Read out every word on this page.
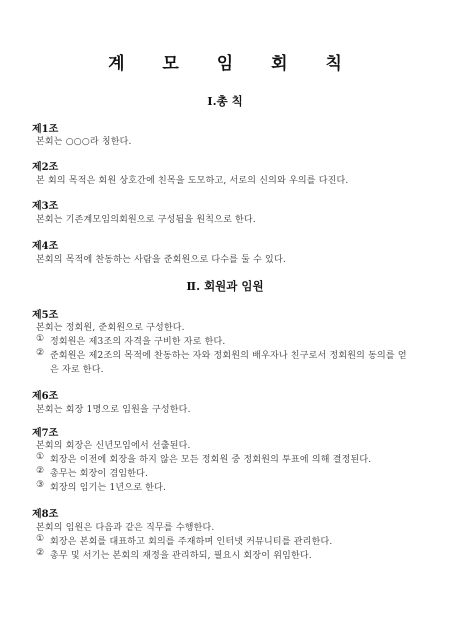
계 모 임 회 칙
Ⅰ.총 칙
제1조
본회는 ○○○라 칭한다.
제2조
본 회의 목적은 회원 상호간에 친목을 도모하고, 서로의 신의와 우의를 다진다.
제3조
본회는 기존계모임의회원으로 구성됨을 원칙으로 한다.
제4조
본회의 목적에 찬동하는 사람을 준회원으로 다수를 둘 수 있다.
Ⅱ. 회원과 임원
제5조
본회는 정회원, 준회원으로 구성한다.
① 정회원은 제3조의 자격을 구비한 자로 한다.
② 준회원은 제2조의 목적에 찬동하는 자와 정회원의 배우자나 친구로서 정회원의 동의를 얻
은 자로 한다.
제6조
본회는 회장 1명으로 임원을 구성한다.
제7조
본회의 회장은 신년모임에서 선출된다.
① 회장은 이전에 회장을 하지 않은 모든 정회원 중 정회원의 투표에 의해 결정된다.
② 총무는 회장이 겸임한다.
③ 회장의 임기는 1년으로 한다.
제8조
본회의 임원은 다음과 같은 직무를 수행한다.
① 회장은 본회를 대표하고 회의를 주재하며 인터넷 커뮤니티를 관리한다.
② 총무 및 서기는 본회의 재정을 관리하되, 필요시 회장이 위임한다.
